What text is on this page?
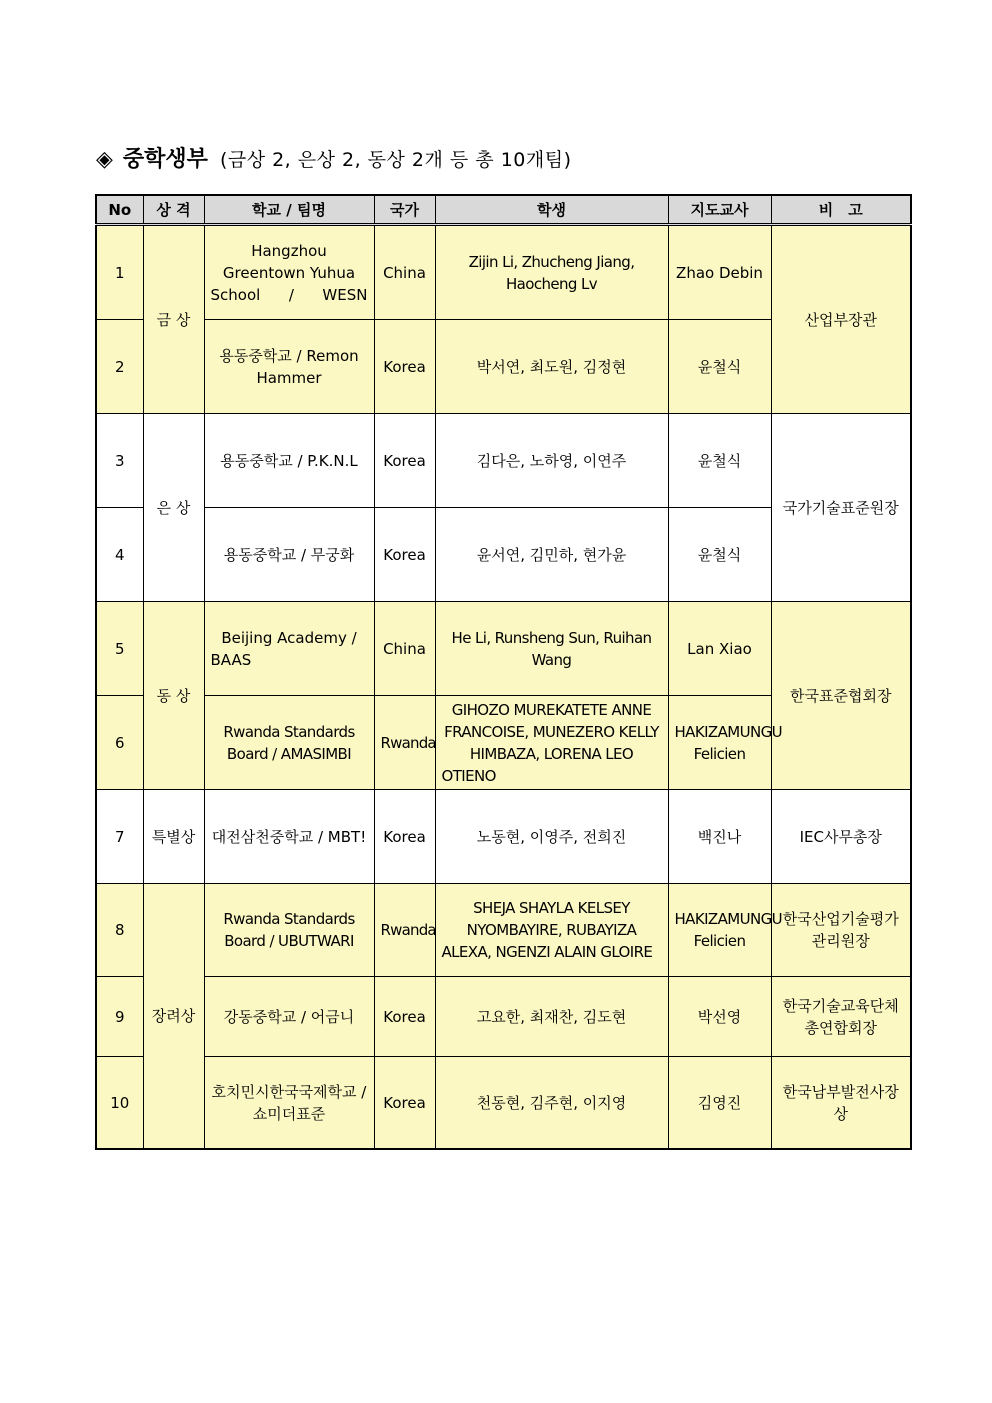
◈ 중학생부 (금상 2, 은상 2, 동상 2개 등 총 10개팀)
No	상 격	학교 / 팀명	국가	학생	지도교사	비　고
1	금 상	Hangzhou Greentown Yuhua School / WESN	China	Zijin Li, Zhucheng Jiang, Haocheng Lv	Zhao Debin	산업부장관
2		용동중학교 / Remon Hammer	Korea	박서연, 최도원, 김정현	윤철식	
3	은 상	용동중학교 / P.K.N.L	Korea	김다은, 노하영, 이연주	윤철식	국가기술표준원장
4		용동중학교 / 무궁화	Korea	윤서연, 김민하, 현가윤	윤철식	
5	동 상	Beijing Academy / BAAS	China	He Li, Runsheng Sun, Ruihan Wang	Lan Xiao	한국표준협회장
6		Rwanda Standards Board / AMASIMBI	Rwanda	GIHOZO MUREKATETE ANNE FRANCOISE, MUNEZERO KELLY HIMBAZA, LORENA LEO OTIENO	HAKIZAMUNGU Felicien	
7	특별상	대전삼천중학교 / MBT!	Korea	노동현, 이영주, 전희진	백진나	IEC사무총장
8	장려상	Rwanda Standards Board / UBUTWARI	Rwanda	SHEJA SHAYLA KELSEY NYOMBAYIRE, RUBAYIZA ALEXA, NGENZI ALAIN GLOIRE	HAKIZAMUNGU Felicien	한국산업기술평가관리원장
9		강동중학교 / 어금니	Korea	고요한, 최재찬, 김도현	박선영	한국기술교육단체총연합회장
10		호치민시한국국제학교 / 쇼미더표준	Korea	천동현, 김주현, 이지영	김영진	한국남부발전사장상
